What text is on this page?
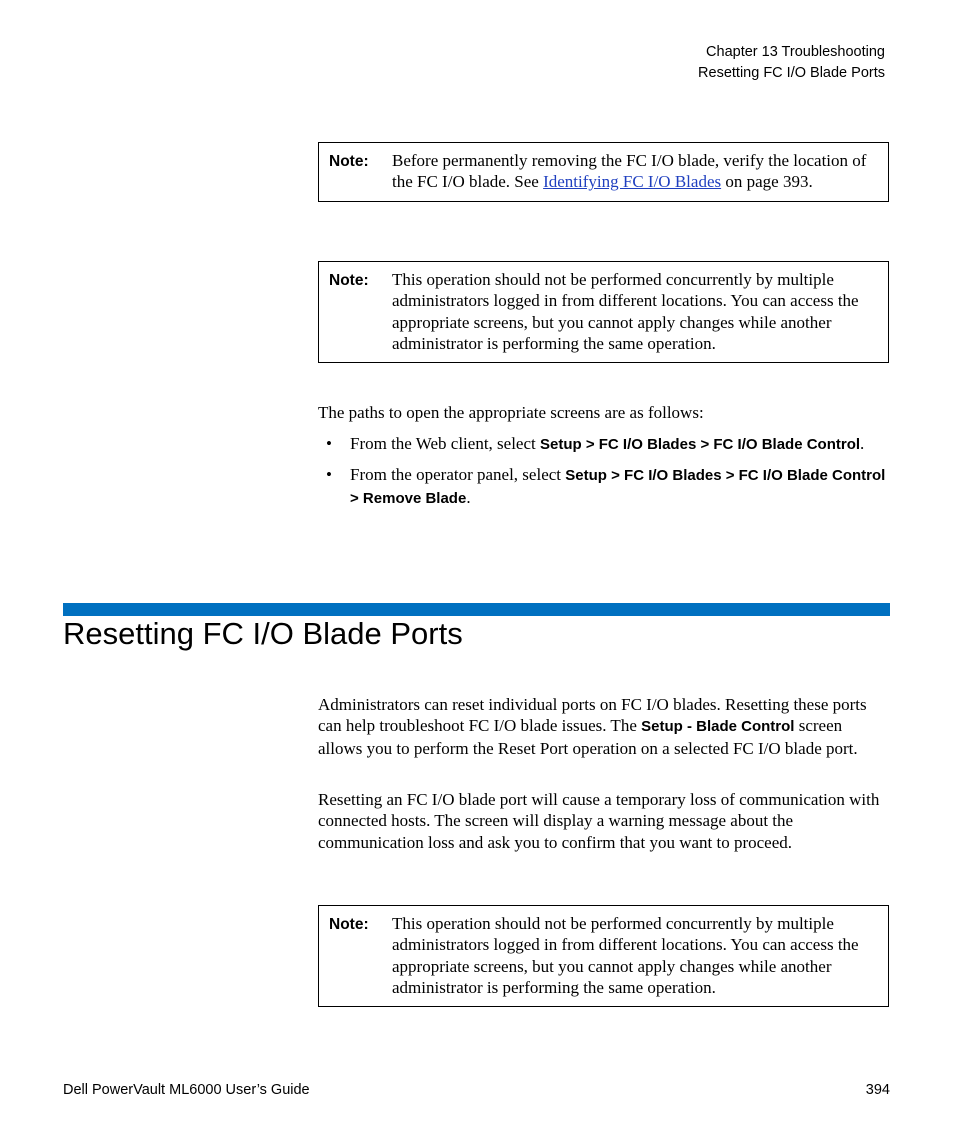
Chapter 13 Troubleshooting
Resetting FC I/O Blade Ports
Note:	Before permanently removing the FC I/O blade, verify the location of the FC I/O blade. See Identifying FC I/O Blades on page 393.
Note:	This operation should not be performed concurrently by multiple administrators logged in from different locations. You can access the appropriate screens, but you cannot apply changes while another administrator is performing the same operation.

The paths to open the appropriate screens are as follows:

• From the Web client, select Setup > FC I/O Blades > FC I/O Blade Control.
• From the operator panel, select Setup > FC I/O Blades > FC I/O Blade Control > Remove Blade.
Resetting FC I/O Blade Ports

Administrators can reset individual ports on FC I/O blades. Resetting these ports can help troubleshoot FC I/O blade issues. The Setup - Blade Control screen allows you to perform the Reset Port operation on a selected FC I/O blade port.

Resetting an FC I/O blade port will cause a temporary loss of communication with connected hosts. The screen will display a warning message about the communication loss and ask you to confirm that you want to proceed.

Note:	This operation should not be performed concurrently by multiple administrators logged in from different locations. You can access the appropriate screens, but you cannot apply changes while another administrator is performing the same operation.
Dell PowerVault ML6000 User’s Guide	394
